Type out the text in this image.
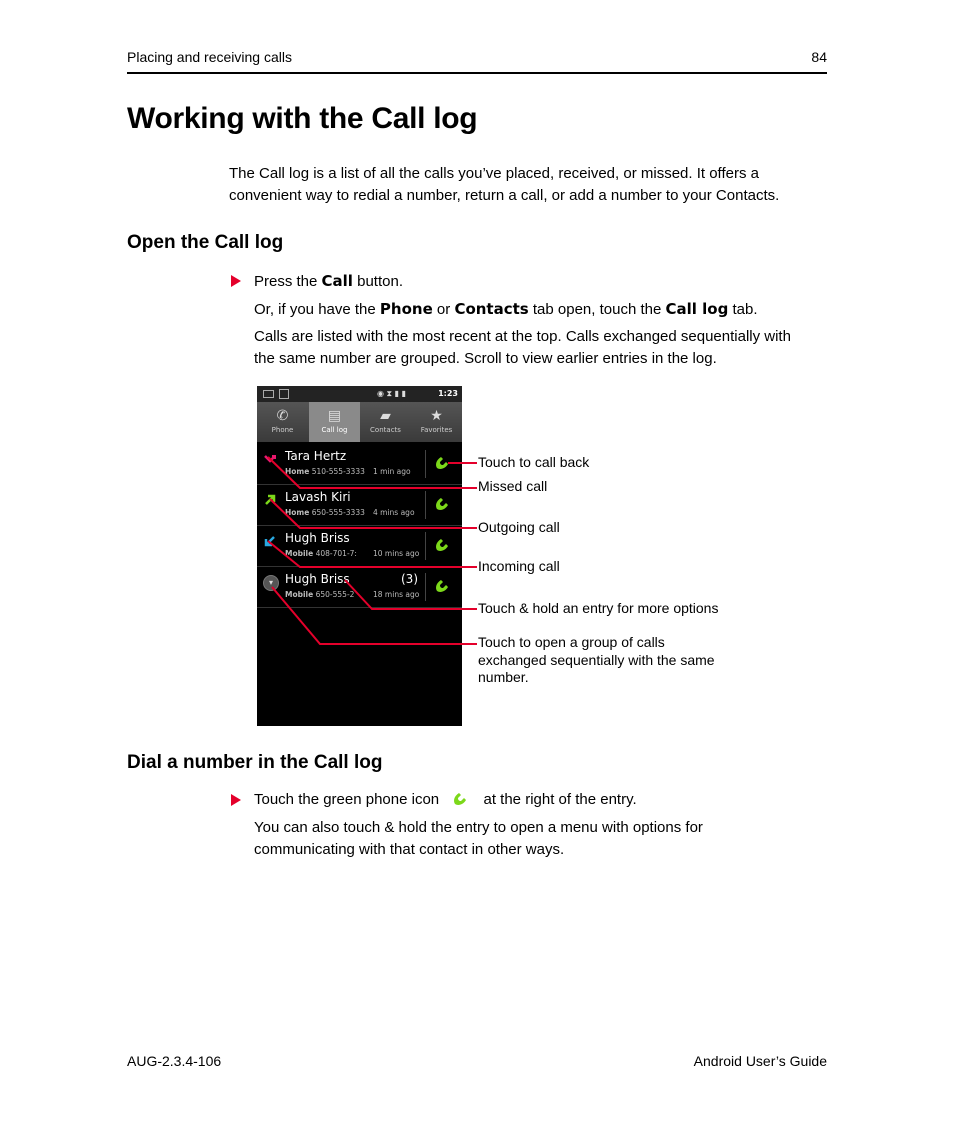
Placing and receiving calls	84
Working with the Call log
The Call log is a list of all the calls you’ve placed, received, or missed. It offers a convenient way to redial a number, return a call, or add a number to your Contacts.
Open the Call log
Press the Call button.
Or, if you have the Phone or Contacts tab open, touch the Call log tab.
Calls are listed with the most recent at the top. Calls exchanged sequentially with
the same number are grouped. Scroll to view earlier entries in the log.
◉ ⧗ ▮ ▮	1:23
✆
Phone
▤
Call log
▰
Contacts
★
Favorites
Tara Hertz
Home 510-555-3333 1 min ago
Lavash Kiri
Home 650-555-3333 4 mins ago
Hugh Briss
Mobile 408-701-7: 10 mins ago
▾	Hugh Briss	(3)
Mobile 650-555-2 18 mins ago
Touch to call back
Missed call
Outgoing call
Incoming call
Touch & hold an entry for more options
Touch to open a group of calls
exchanged sequentially with the same
number.
Dial a number in the Call log
Touch the green phone icon	at the right of the entry.
You can also touch & hold the entry to open a menu with options for
communicating with that contact in other ways.
AUG-2.3.4-106	Android User’s Guide
